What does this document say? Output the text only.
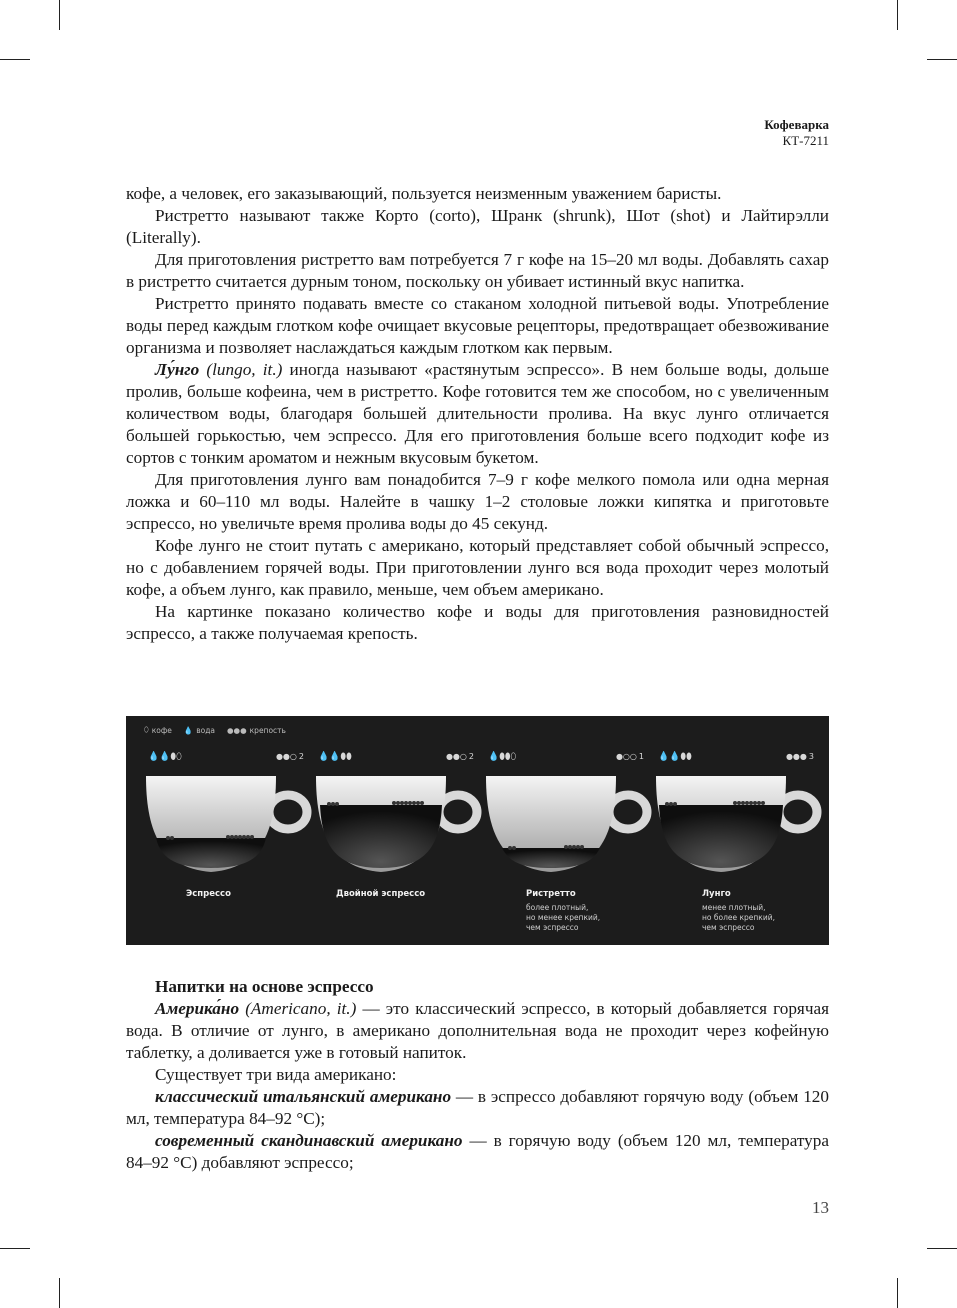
Кофеварка
КТ-7211

кофе, а человек, его заказывающий, пользуется неизменным уважением баристы.

Ристретто называют также Корто (corto), Шранк (shrunk), Шот (shot) и Лайтирэлли (Literally).

Для приготовления ристретто вам потребуется 7 г кофе на 15–20 мл воды. Добавлять сахар в ристретто считается дурным тоном, поскольку он убивает истинный вкус напитка.

Ристретто принято подавать вместе со стаканом холодной питьевой воды. Употребление воды перед каждым глотком кофе очищает вкусовые рецепторы, предотвращает обезвоживание организма и позволяет наслаждаться каждым глотком как первым.

Лу́нго (lungo, it.) иногда называют «растянутым эспрессо». В нем больше воды, дольше пролив, больше кофеина, чем в ристретто. Кофе готовится тем же способом, но с увеличенным количеством воды, благодаря большей длительности пролива. На вкус лунго отличается большей горькостью, чем эспрессо. Для его приготовления больше всего подходит кофе из сортов с тонким ароматом и нежным вкусовым букетом.

Для приготовления лунго вам понадобится 7–9 г кофе мелкого помола или одна мерная ложка и 60–110 мл воды. Налейте в чашку 1–2 столовые ложки кипятка и приготовьте эспрессо, но увеличьте время пролива воды до 45 секунд.

Кофе лунго не стоит путать с американо, который представляет собой обычный эспрессо, но с добавлением горячей воды. При приготовлении лунго вся вода проходит через молотый кофе, а объем лунго, как правило, меньше, чем объем американо.

На картинке показано количество кофе и воды для приготовления разновидностей эспрессо, а также получаемая крепость.

⬯ кофе 💧 вода ●●● крепость
💧💧⬮⬯	●●○ 2
Эспрессо
💧💧⬮⬮	●●○ 2
Двойной эспрессо
💧⬮⬮⬯	●○○ 1
Ристретто
более плотный,
но менее крепкий,
чем эспрессо
💧💧⬮⬮	●●● 3
Лунго
менее плотный,
но более крепкий,
чем эспрессо

Напитки на основе эспрессо

Америка́но (Americano, it.) — это классический эспрессо, в который добавляется горячая вода. В отличие от лунго, в американо дополнительная вода не проходит через кофейную таблетку, а доливается уже в готовый напиток.

Существует три вида американо:

классический итальянский американо — в эспрессо добавляют горячую воду (объем 120 мл, температура 84–92 °C);

современный скандинавский американо — в горячую воду (объем 120 мл, температура 84–92 °C) добавляют эспрессо;

13
